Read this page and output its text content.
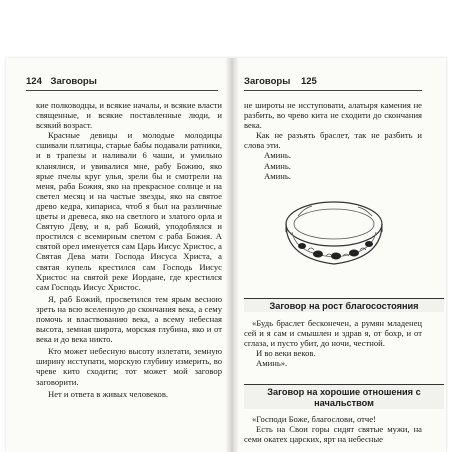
124 Заговоры

кие полководцы, и всякие началы, и всякие власти священные, и всякие поставленные люди, и всякий возраст.

Красные девицы и молодые молодицы сшивали платицы, старые бабы подавали ратники, и в трапезы и наливали 6 чаши, и умильно кланялися, и увивалися мне, рабу Божию, яко ярые пчелы круг улья, зрели бы и смотрели на меня, раба Божия, яко на прекрасное солнце и на светел месяц и на частые звезды, яко на святое древо кедра, кипариса, чтоб я был на различные цветы и древеса, яко на светлого и златого орла и Святую Деву, и я, раб Божий, уподоблялся и простился с всемирным светом с раба Божия. А святой орел именуется сам Царь Иисус Христос, а Святая Дева мати Господа Иисуса Христа, а святая купель крестился сам Господь Иисус Христос на святой реке Иордане, где крестился сам Господь Иисус Христос.

Я, раб Божий, просветился тем ярым весною зреть на всю вселенную до скончания века, а сему помочь и властвованию века, а всему небесная высота, земная широта, морская глубина, яко и от века и до века никто.

Кто может небесную высоту излетати, земную ширину исступати, морскую глубину измерить, во чреве кито сходити; тот может мой заговор заговорити.

Нет и ответа в живых человеков.

Заговоры 125

не широты не исступовати, алатыря камения не разбить, во чрево кита не сходити до скончания века.

Как не разъять браслет, так не разбить и слова эти.

Аминь.
Аминь.
Аминь.
Заговор на рост благосостояния

«Будь браслет бесконечен, а румян младенец сей и я сам и смышлен и здрав я, от бохр, и от сглаза, и пусто убит, до ночи, честной.

И во веки веков.

Аминь».

Заговор на хорошие отношения с начальством

«Господи Боже, благослови, отче!

Есть на Свои горы сидят святые мужи, на семи окатех царских, ярт на небесные
